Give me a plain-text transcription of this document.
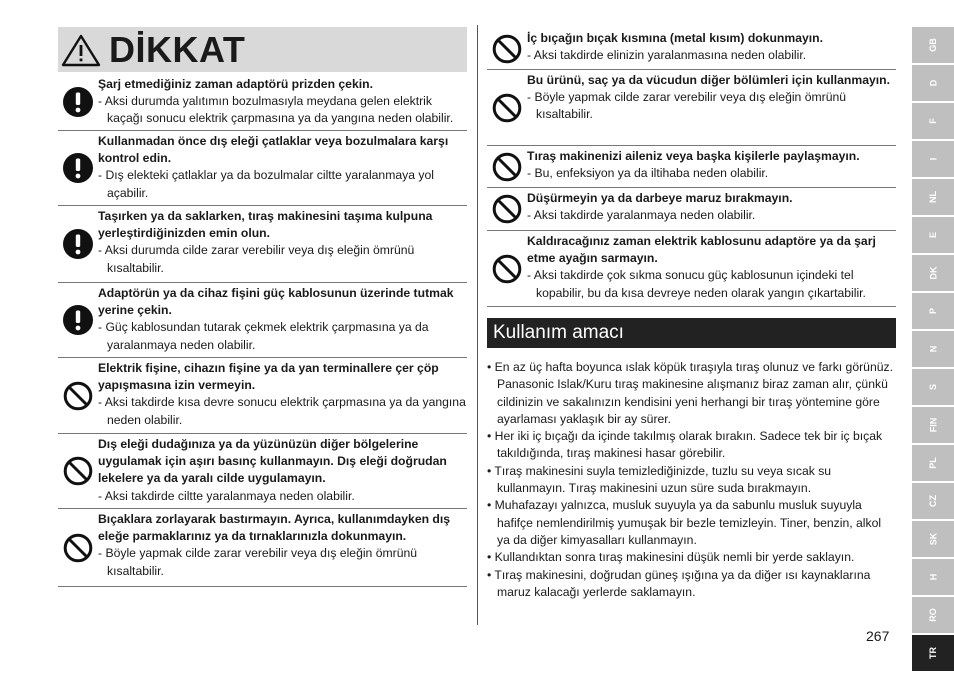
DİKKAT
Şarj etmediğiniz zaman adaptörü prizden çekin.
- Aksi durumda yalıtımın bozulmasıyla meydana gelen elektrik kaçağı sonucu elektrik çarpmasına ya da yangına neden olabilir.
Kullanmadan önce dış eleği çatlaklar veya bozulmalara karşı kontrol edin.
- Dış elekteki çatlaklar ya da bozulmalar ciltte yaralanmaya yol açabilir.
Taşırken ya da saklarken, tıraş makinesini taşıma kulpuna yerleştirdiğinizden emin olun.
- Aksi durumda cilde zarar verebilir veya dış eleğin ömrünü kısaltabilir.
Adaptörün ya da cihaz fişini güç kablosunun üzerinde tutmak yerine çekin.
- Güç kablosundan tutarak çekmek elektrik çarpmasına ya da yaralanmaya neden olabilir.
Elektrik fişine, cihazın fişine ya da yan terminallere çer çöp yapışmasına izin vermeyin.
- Aksi takdirde kısa devre sonucu elektrik çarpmasına ya da yangına neden olabilir.
Dış eleği dudağınıza ya da yüzünüzün diğer bölgelerine uygulamak için aşırı basınç kullanmayın. Dış eleği doğrudan lekelere ya da yaralı cilde uygulamayın.
- Aksi takdirde ciltte yaralanmaya neden olabilir.
Bıçaklara zorlayarak bastırmayın. Ayrıca, kullanımdayken dış eleğe parmaklarınız ya da tırnaklarınızla dokunmayın.
- Böyle yapmak cilde zarar verebilir veya dış eleğin ömrünü kısaltabilir.
İç bıçağın bıçak kısmına (metal kısım) dokunmayın.
- Aksi takdirde elinizin yaralanmasına neden olabilir.
Bu ürünü, saç ya da vücudun diğer bölümleri için kullanmayın.
- Böyle yapmak cilde zarar verebilir veya dış eleğin ömrünü kısaltabilir.
Tıraş makinenizi aileniz veya başka kişilerle paylaşmayın.
- Bu, enfeksiyon ya da iltihaba neden olabilir.
Düşürmeyin ya da darbeye maruz bırakmayın.
- Aksi takdirde yaralanmaya neden olabilir.
Kaldıracağınız zaman elektrik kablosunu adaptöre ya da şarj etme ayağın sarmayın.
- Aksi takdirde çok sıkma sonucu güç kablosunun içindeki tel kopabilir, bu da kısa devreye neden olarak yangın çıkartabilir.
Kullanım amacı
• En az üç hafta boyunca ıslak köpük tıraşıyla tıraş olunuz ve farkı görünüz. Panasonic Islak/Kuru tıraş makinesine alışmanız biraz zaman alır, çünkü cildinizin ve sakalınızın kendisini yeni herhangi bir tıraş yöntemine göre ayarlaması yaklaşık bir ay sürer.
• Her iki iç bıçağı da içinde takılmış olarak bırakın. Sadece tek bir iç bıçak takıldığında, tıraş makinesi hasar görebilir.
• Tıraş makinesini suyla temizlediğinizde, tuzlu su veya sıcak su kullanmayın. Tıraş makinesini uzun süre suda bırakmayın.
• Muhafazayı yalnızca, musluk suyuyla ya da sabunlu musluk suyuyla hafifçe nemlendirilmiş yumuşak bir bezle temizleyin. Tiner, benzin, alkol ya da diğer kimyasalları kullanmayın.
• Kullandıktan sonra tıraş makinesini düşük nemli bir yerde saklayın.
• Tıraş makinesini, doğrudan güneş ışığına ya da diğer ısı kaynaklarına maruz kalacağı yerlerde saklamayın.
GB
D
F
I
NL
E
DK
P
N
S
FIN
PL
CZ
SK
H
RO
TR
267
